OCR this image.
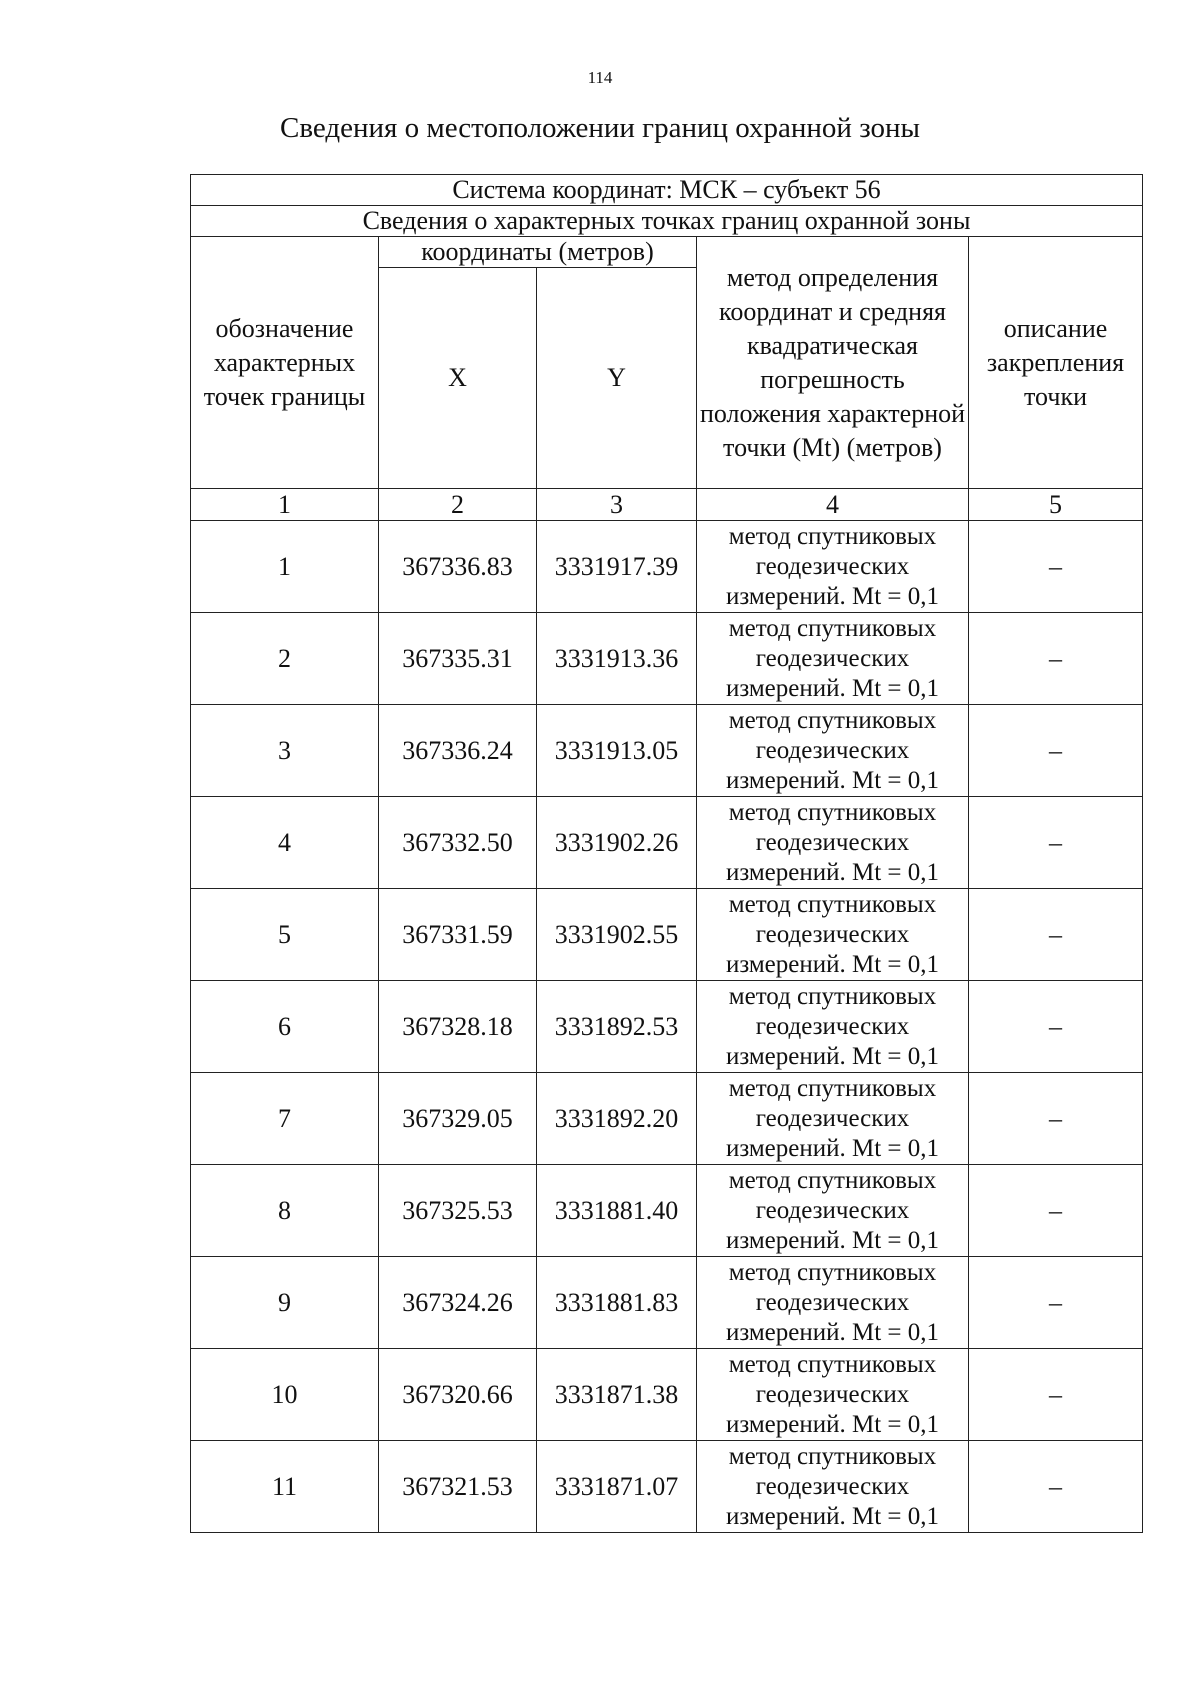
114
Сведения о местоположении границ охранной зоны
Система координат: МСК – субъект 56				
Сведения о характерных точках границ охранной зоны				
обозначение характерных точек границы	координаты (метров)		метод определения координат и средняя квадратическая погрешность положения характерной точки (Mt) (метров)	описание закрепления точки
	X	Y		
1	2	3	4	5
1	367336.83	3331917.39	метод спутниковых геодезических измерений. Mt = 0,1	–
2	367335.31	3331913.36	метод спутниковых геодезических измерений. Mt = 0,1	–
3	367336.24	3331913.05	метод спутниковых геодезических измерений. Mt = 0,1	–
4	367332.50	3331902.26	метод спутниковых геодезических измерений. Mt = 0,1	–
5	367331.59	3331902.55	метод спутниковых геодезических измерений. Mt = 0,1	–
6	367328.18	3331892.53	метод спутниковых геодезических измерений. Mt = 0,1	–
7	367329.05	3331892.20	метод спутниковых геодезических измерений. Mt = 0,1	–
8	367325.53	3331881.40	метод спутниковых геодезических измерений. Mt = 0,1	–
9	367324.26	3331881.83	метод спутниковых геодезических измерений. Mt = 0,1	–
10	367320.66	3331871.38	метод спутниковых геодезических измерений. Mt = 0,1	–
11	367321.53	3331871.07	метод спутниковых геодезических измерений. Mt = 0,1	–
